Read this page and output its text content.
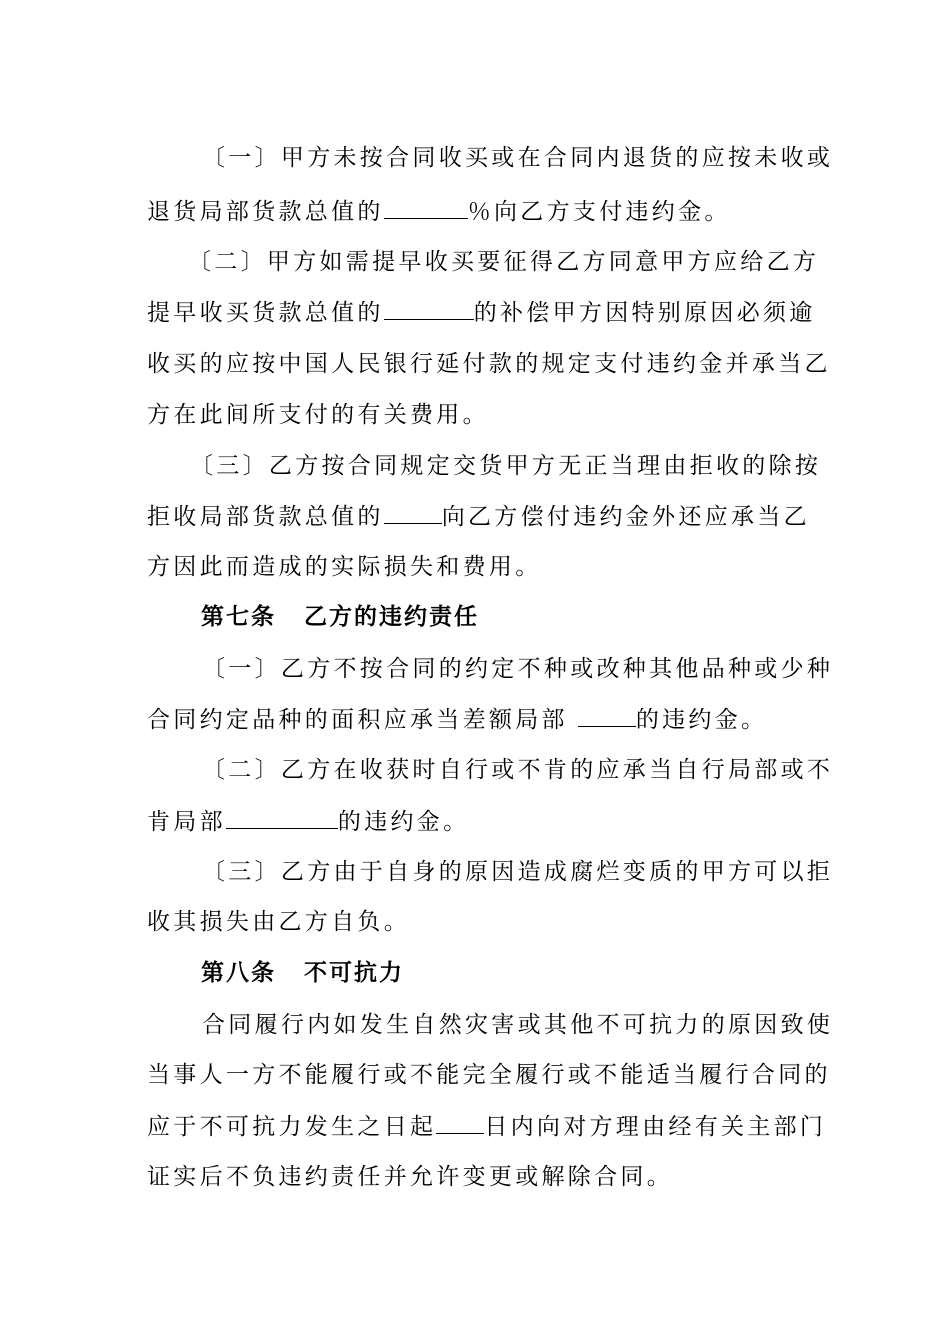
〔一〕甲方未按合同收买或在合同内退货的应按未收或
退货局部货款总值的	％向乙方支付违约金。
〔二〕甲方如需提早收买要征得乙方同意甲方应给乙方
提早收买货款总值的	的补偿甲方因特别原因必须逾
收买的应按中国人民银行延付款的规定支付违约金并承当乙
方在此间所支付的有关费用。
〔三〕乙方按合同规定交货甲方无正当理由拒收的除按
拒收局部货款总值的	向乙方偿付违约金外还应承当乙
方因此而造成的实际损失和费用。
第七条 乙方的违约责任
〔一〕乙方不按合同的约定不种或改种其他品种或少种
合同约定品种的面积应承当差额局部	的违约金。
〔二〕乙方在收获时自行或不肯的应承当自行局部或不
肯局部	的违约金。
〔三〕乙方由于自身的原因造成腐烂变质的甲方可以拒
收其损失由乙方自负。
第八条 不可抗力
合同履行内如发生自然灾害或其他不可抗力的原因致使
当事人一方不能履行或不能完全履行或不能适当履行合同的
应于不可抗力发生之日起 日内向对方理由经有关主部门
证实后不负违约责任并允许变更或解除合同。
